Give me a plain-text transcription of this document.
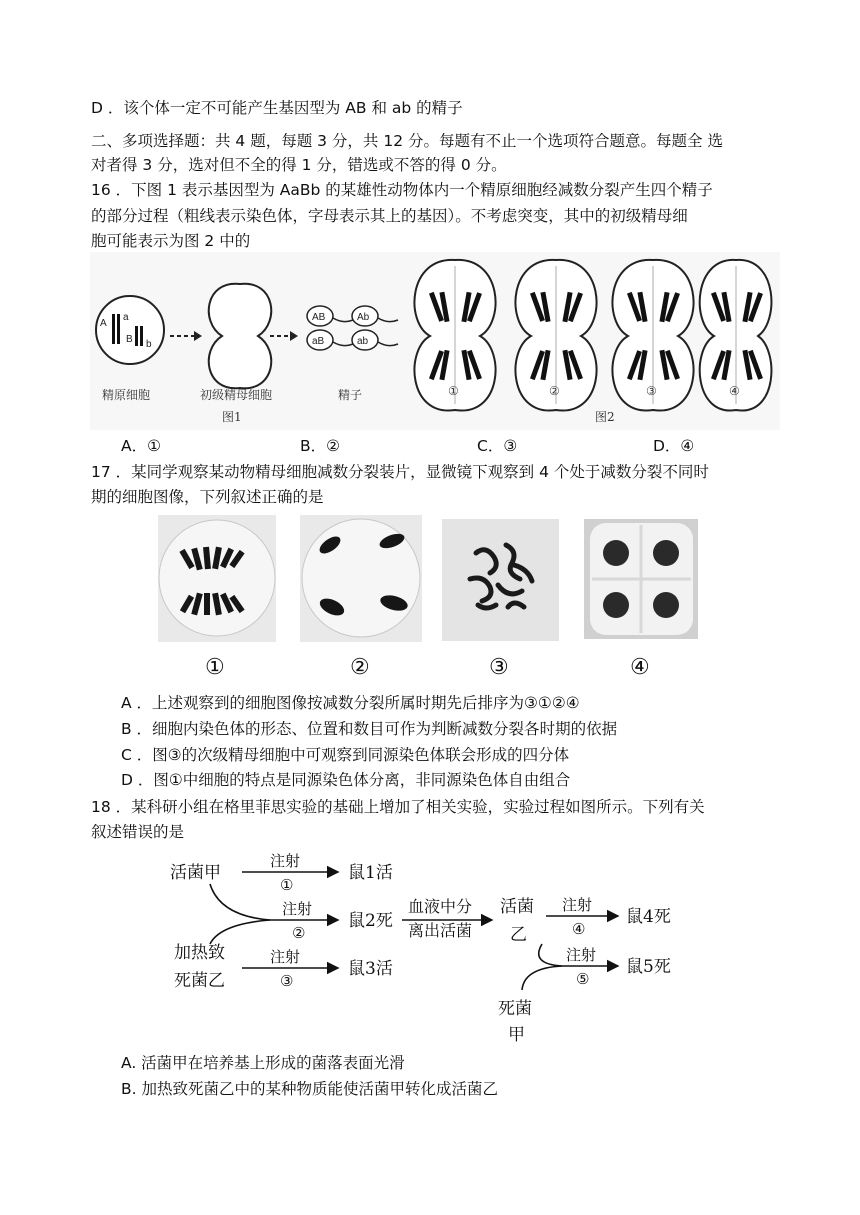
D ．该个体一定不可能产生基因型为 AB 和 ab 的精子
二、多项选择题：共 4 题，每题 3 分，共 12 分。每题有不止一个选项符合题意。每题全 选
对者得 3 分，选对但不全的得 1 分，错选或不答的得 0 分。
16 ．下图 1 表示基因型为 AaBb 的某雄性动物体内一个精原细胞经减数分裂产生四个精子
的部分过程（粗线表示染色体，字母表示其上的基因）。不考虑突变，其中的初级精母细
胞可能表示为图 2 中的
A
a
B b
AB	Ab
aB	ab
精原细胞	初级精母细胞	精子	①	②	③	④
图1	图2
A．①	B．②	C．③	D．④
17 ．某同学观察某动物精母细胞减数分裂装片，显微镜下观察到 4 个处于减数分裂不同时
期的细胞图像，下列叙述正确的是
①	②	③	④
A ．上述观察到的细胞图像按减数分裂所属时期先后排序为③①②④
B ．细胞内染色体的形态、位置和数目可作为判断减数分裂各时期的依据
C ．图③的次级精母细胞中可观察到同源染色体联会形成的四分体
D ．图①中细胞的特点是同源染色体分离，非同源染色体自由组合
18 ．某科研小组在格里菲思实验的基础上增加了相关实验，实验过程如图所示。下列有关
叙述错误的是
活菌甲
注射
①
鼠1活
注射
②
鼠2死
血液中分
离出活菌
活菌
乙
注射
④
鼠4死
加热致
死菌乙
注射
③
鼠3活
注射
⑤
鼠5死
死菌
甲
A. 活菌甲在培养基上形成的菌落表面光滑
B. 加热致死菌乙中的某种物质能使活菌甲转化成活菌乙
